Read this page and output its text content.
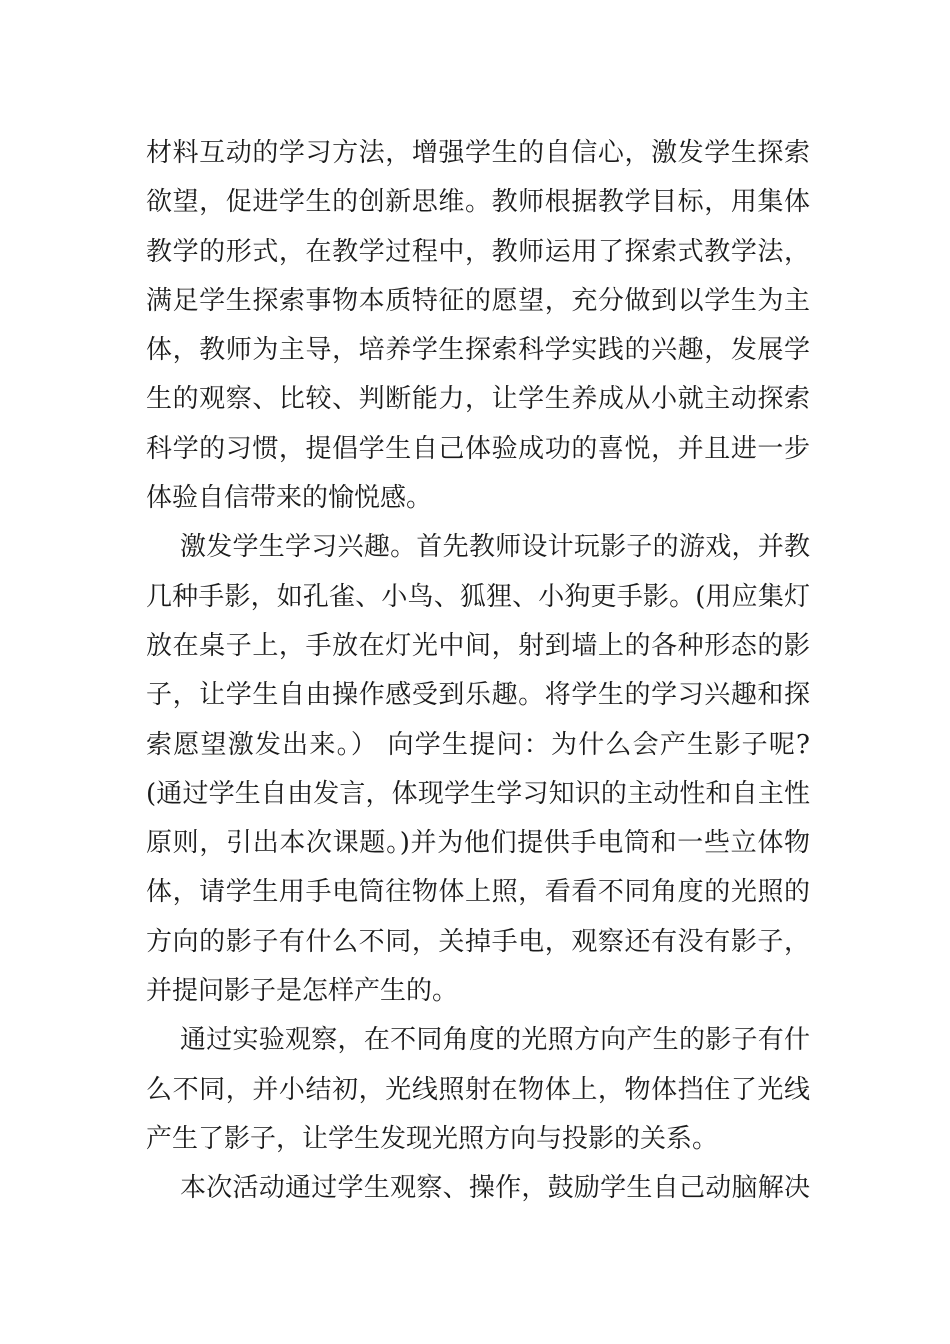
材料互动的学习方法，增强学生的自信心，激发学生探索
欲望，促进学生的创新思维。教师根据教学目标，用集体
教学的形式，在教学过程中，教师运用了探索式教学法，
满足学生探索事物本质特征的愿望，充分做到以学生为主
体，教师为主导，培养学生探索科学实践的兴趣，发展学
生的观察、比较、判断能力，让学生养成从小就主动探索
科学的习惯，提倡学生自己体验成功的喜悦，并且进一步
体验自信带来的愉悦感。
激发学生学习兴趣。首先教师设计玩影子的游戏，并教
几种手影，如孔雀、小鸟、狐狸、小狗更手影。(用应集灯
放在桌子上，手放在灯光中间，射到墙上的各种形态的影
子，让学生自由操作感受到乐趣。将学生的学习兴趣和探
索愿望激发出来。） 向学生提问：为什么会产生影子呢?
(通过学生自由发言，体现学生学习知识的主动性和自主性
原则，引出本次课题。)并为他们提供手电筒和一些立体物
体，请学生用手电筒往物体上照，看看不同角度的光照的
方向的影子有什么不同，关掉手电，观察还有没有影子，
并提问影子是怎样产生的。
通过实验观察，在不同角度的光照方向产生的影子有什
么不同，并小结初，光线照射在物体上，物体挡住了光线
产生了影子，让学生发现光照方向与投影的关系。
本次活动通过学生观察、操作，鼓励学生自己动脑解决
